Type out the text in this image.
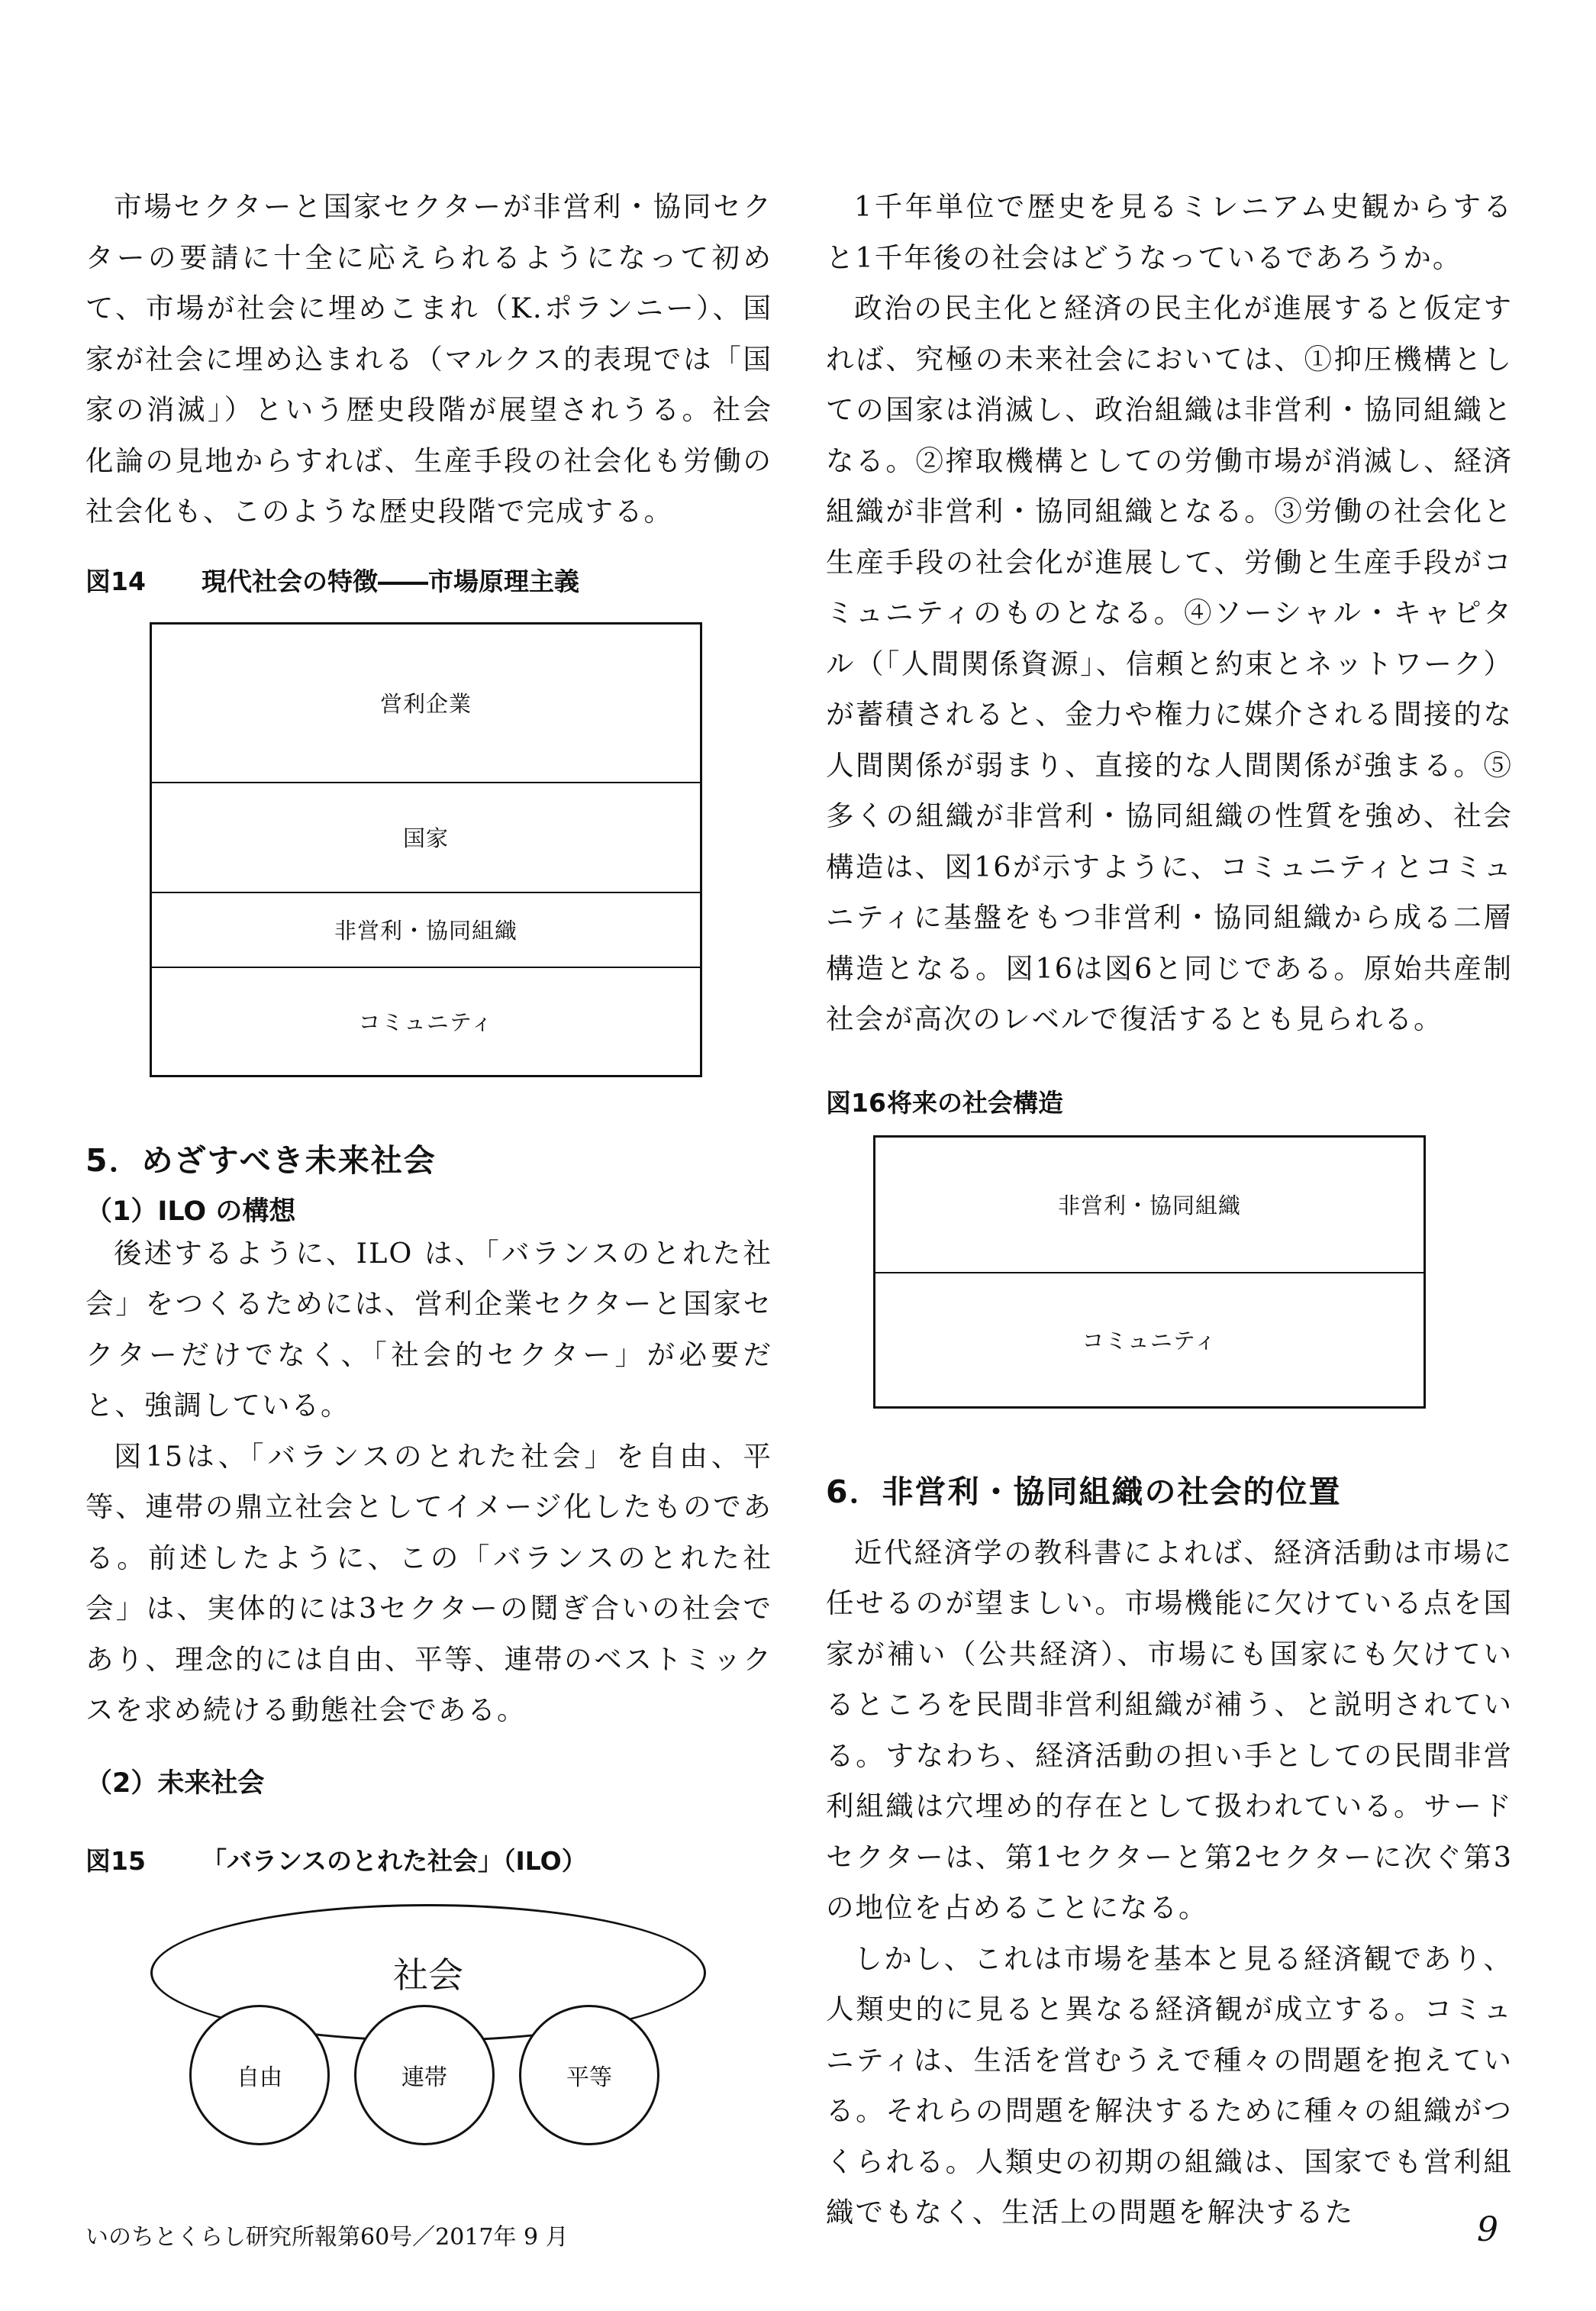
市場セクターと国家セクターが非営利・協同セクターの要請に十全に応えられるようになって初めて、市場が社会に埋めこまれ（K.ポランニー）、国家が社会に埋め込まれる（マルクス的表現では「国家の消滅」）という歴史段階が展望されうる。社会化論の見地からすれば、生産手段の社会化も労働の社会化も、このような歴史段階で完成する。

図14 現代社会の特徴――市場原理主義

営利企業
国家
非営利・協同組織
コミュニティ

5．めざすべき未来社会

（1）ILO の構想

後述するように、ILO は、「バランスのとれた社会」をつくるためには、営利企業セクターと国家セクターだけでなく、「社会的セクター」が必要だと、強調している。

図15は、「バランスのとれた社会」を自由、平等、連帯の鼎立社会としてイメージ化したものである。前述したように、この「バランスのとれた社会」は、実体的には3セクターの鬩ぎ合いの社会であり、理念的には自由、平等、連帯のベストミックスを求め続ける動態社会である。

（2）未来社会

図15 「バランスのとれた社会」（ILO）

社会
自由	連帯	平等

1千年単位で歴史を見るミレニアム史観からすると1千年後の社会はどうなっているであろうか。

政治の民主化と経済の民主化が進展すると仮定すれば、究極の未来社会においては、①抑圧機構としての国家は消滅し、政治組織は非営利・協同組織となる。②搾取機構としての労働市場が消滅し、経済組織が非営利・協同組織となる。③労働の社会化と生産手段の社会化が進展して、労働と生産手段がコミュニティのものとなる。④ソーシャル・キャピタル（「人間関係資源」、信頼と約束とネットワーク）が蓄積されると、金力や権力に媒介される間接的な人間関係が弱まり、直接的な人間関係が強まる。⑤多くの組織が非営利・協同組織の性質を強め、社会構造は、図16が示すように、コミュニティとコミュニティに基盤をもつ非営利・協同組織から成る二層構造となる。図16は図6と同じである。原始共産制社会が高次のレベルで復活するとも見られる。

図16将来の社会構造

非営利・協同組織
コミュニティ

6．非営利・協同組織の社会的位置

近代経済学の教科書によれば、経済活動は市場に任せるのが望ましい。市場機能に欠けている点を国家が補い（公共経済）、市場にも国家にも欠けているところを民間非営利組織が補う、と説明されている。すなわち、経済活動の担い手としての民間非営利組織は穴埋め的存在として扱われている。サードセクターは、第1セクターと第2セクターに次ぐ第3の地位を占めることになる。

しかし、これは市場を基本と見る経済観であり、人類史的に見ると異なる経済観が成立する。コミュニティは、生活を営むうえで種々の問題を抱えている。それらの問題を解決するために種々の組織がつくられる。人類史の初期の組織は、国家でも営利組織でもなく、生活上の問題を解決するた

いのちとくらし研究所報第60号／2017年 9 月	9
